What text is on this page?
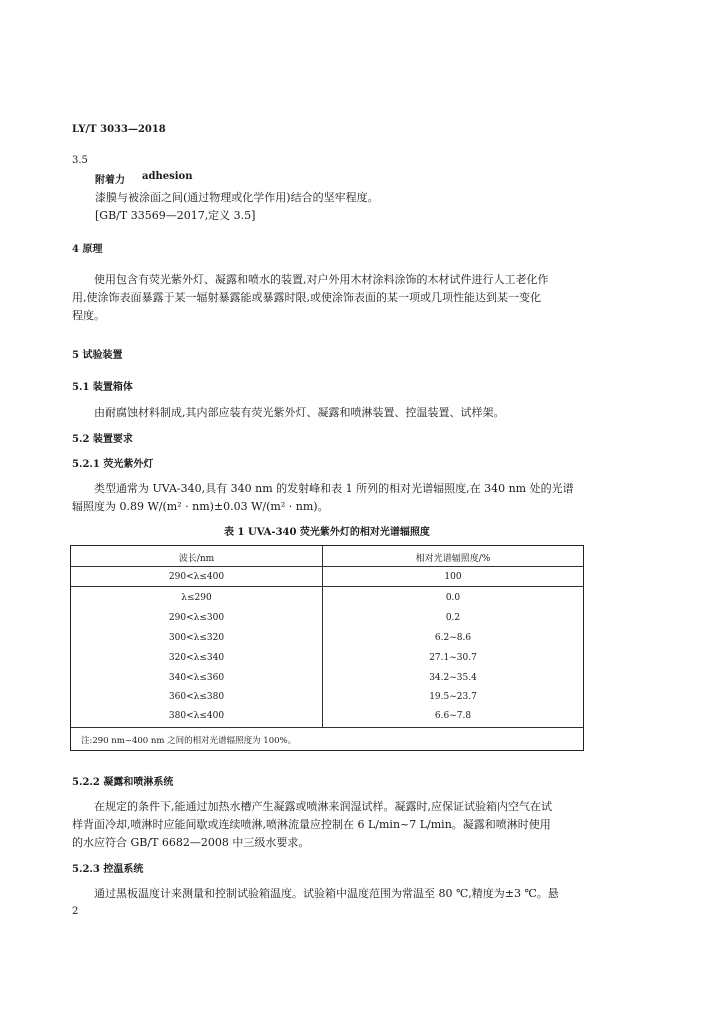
LY/T 3033—2018
3.5
附着力 adhesion
漆膜与被涂面之间(通过物理或化学作用)结合的坚牢程度。
[GB/T 33569—2017,定义 3.5]
4 原理
使用包含有荧光紫外灯、凝露和喷水的装置,对户外用木材涂料涂饰的木材试件进行人工老化作
用,使涂饰表面暴露于某一辐射暴露能或暴露时限,或使涂饰表面的某一项或几项性能达到某一变化
程度。
5 试验装置
5.1 装置箱体
由耐腐蚀材料制成,其内部应装有荧光紫外灯、凝露和喷淋装置、控温装置、试样架。
5.2 装置要求
5.2.1 荧光紫外灯
类型通常为 UVA-340,具有 340 nm 的发射峰和表 1 所列的相对光谱辐照度,在 340 nm 处的光谱
辐照度为 0.89 W/(m² · nm)±0.03 W/(m² · nm)。
表 1 UVA-340 荧光紫外灯的相对光谱辐照度
波长/nm	相对光谱辐照度/%
290<λ≤400	100
λ≤290	0.0
290<λ≤300	0.2
300<λ≤320	6.2~8.6
320<λ≤340	27.1~30.7
340<λ≤360	34.2~35.4
360<λ≤380	19.5~23.7
380<λ≤400	6.6~7.8
注:290 nm~400 nm 之间的相对光谱辐照度为 100%。
5.2.2 凝露和喷淋系统
在规定的条件下,能通过加热水槽产生凝露或喷淋来润湿试样。凝露时,应保证试验箱内空气在试
样背面冷却,喷淋时应能间歇或连续喷淋,喷淋流量应控制在 6 L/min~7 L/min。凝露和喷淋时使用
的水应符合 GB/T 6682—2008 中三级水要求。
5.2.3 控温系统
通过黑板温度计来测量和控制试验箱温度。试验箱中温度范围为常温至 80 ℃,精度为±3 ℃。悬
2
